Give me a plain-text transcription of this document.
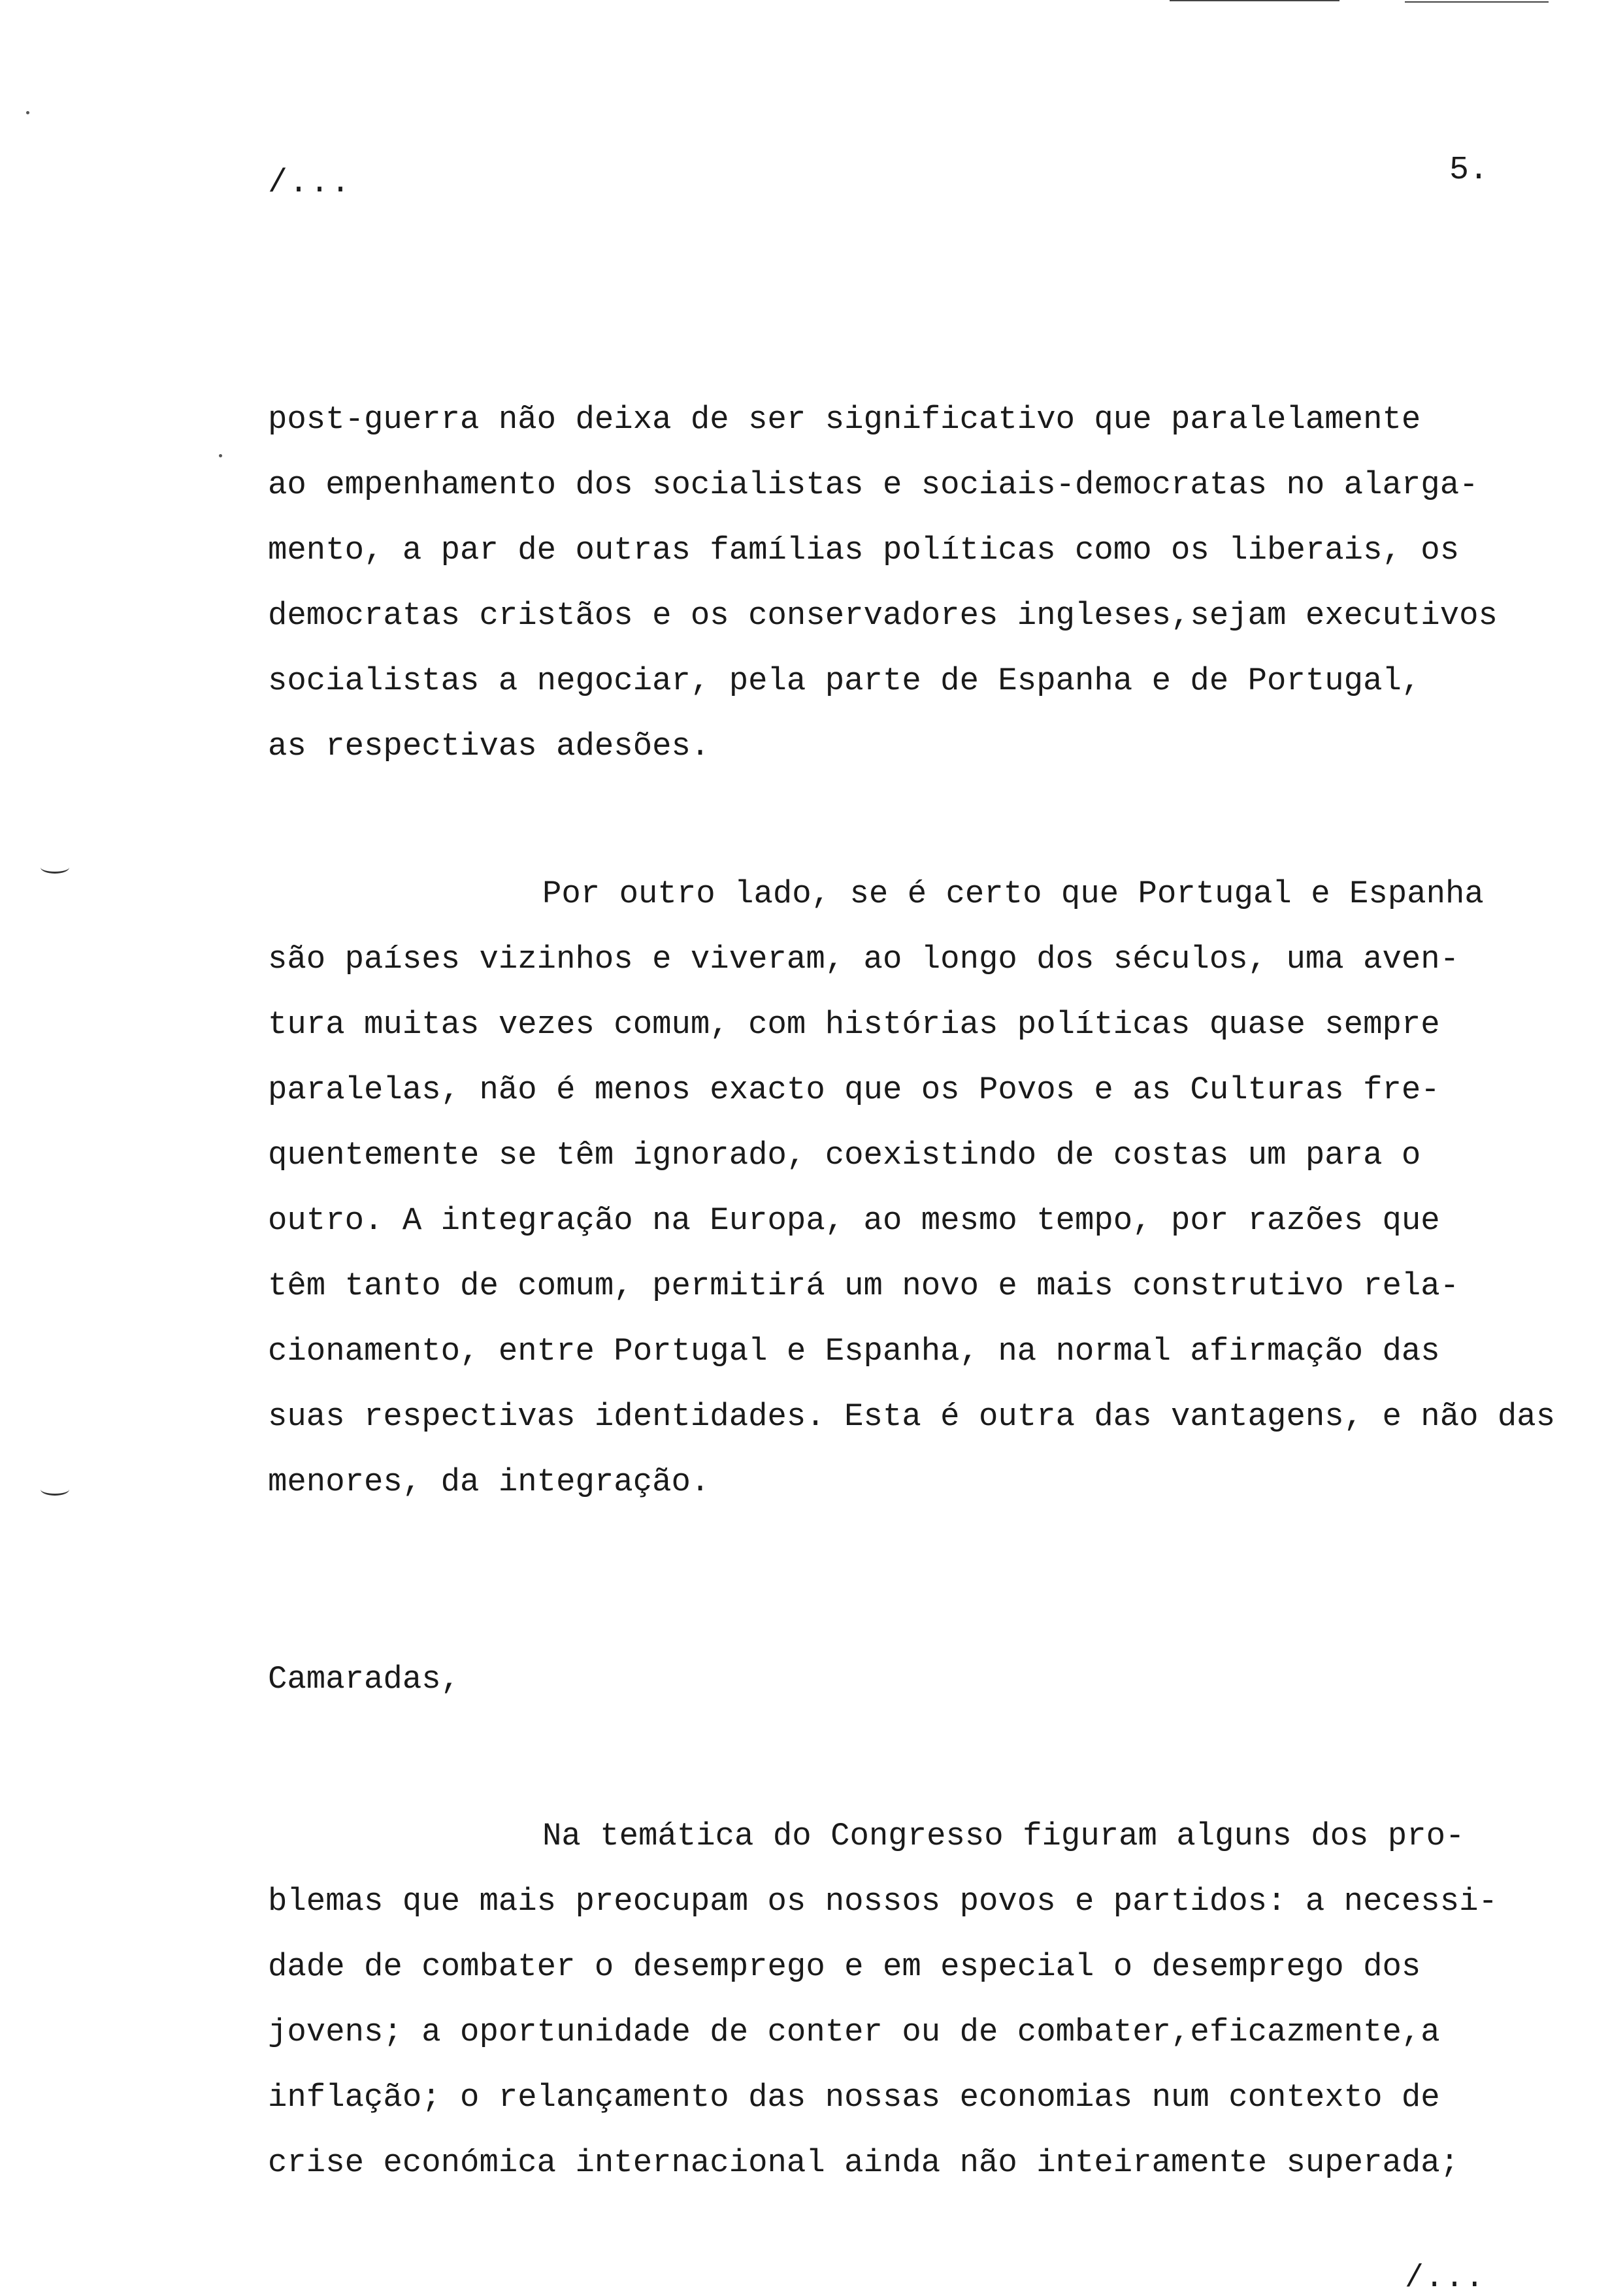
/...	5.
post-guerra não deixa de ser significativo que paralelamente
ao empenhamento dos socialistas e sociais-democratas no alarga-
mento, a par de outras famílias políticas como os liberais, os
democratas cristãos e os conservadores ingleses,sejam executivos
socialistas a negociar, pela parte de Espanha e de Portugal,
as respectivas adesões.
Por outro lado, se é certo que Portugal e Espanha
são países vizinhos e viveram, ao longo dos séculos, uma aven-
tura muitas vezes comum, com histórias políticas quase sempre
paralelas, não é menos exacto que os Povos e as Culturas fre-
quentemente se têm ignorado, coexistindo de costas um para o
outro. A integração na Europa, ao mesmo tempo, por razões que
têm tanto de comum, permitirá um novo e mais construtivo rela-
cionamento, entre Portugal e Espanha, na normal afirmação das
suas respectivas identidades. Esta é outra das vantagens, e não das
menores, da integração.
Camaradas,
Na temática do Congresso figuram alguns dos pro-
blemas que mais preocupam os nossos povos e partidos: a necessi-
dade de combater o desemprego e em especial o desemprego dos
jovens; a oportunidade de conter ou de combater,eficazmente,a
inflação; o relançamento das nossas economias num contexto de
crise económica internacional ainda não inteiramente superada;
/...
